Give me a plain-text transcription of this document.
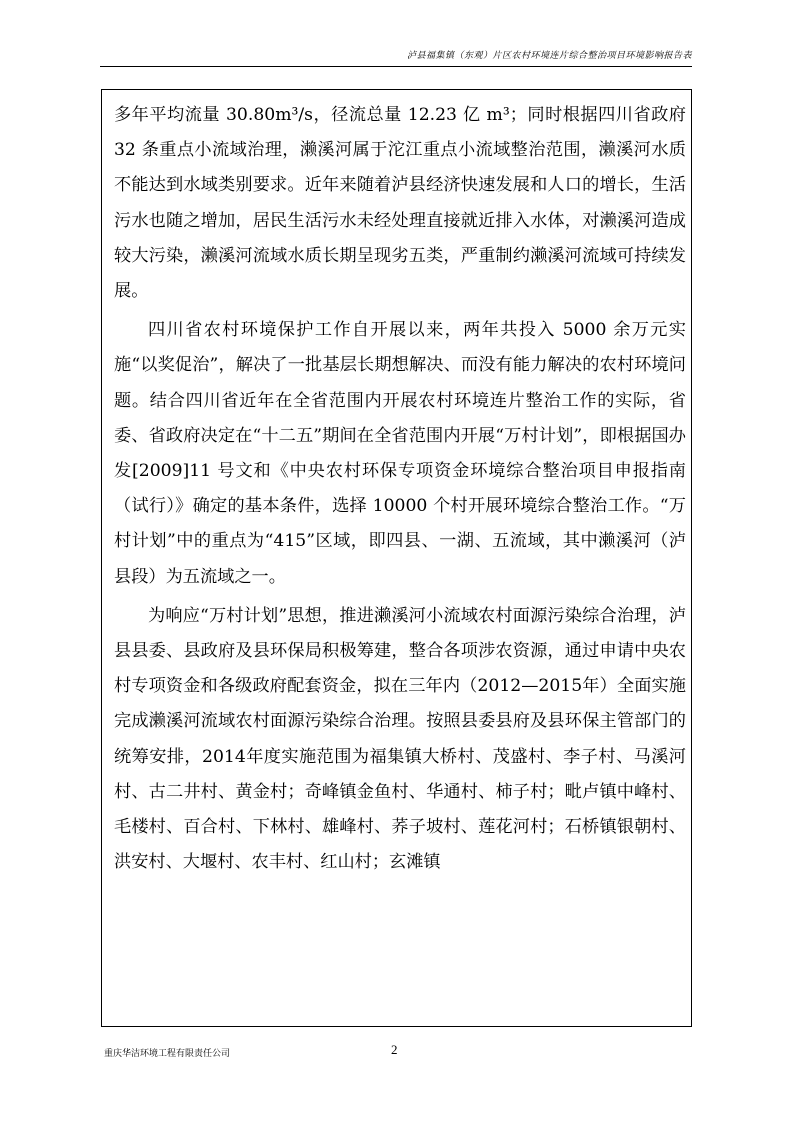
泸县福集镇（东观）片区农村环境连片综合整治项目环境影响报告表

多年平均流量 30.80m³/s，径流总量 12.23 亿 m³；同时根据四川省政府 32 条重点小流域治理，濑溪河属于沱江重点小流域整治范围，濑溪河水质不能达到水域类别要求。近年来随着泸县经济快速发展和人口的增长，生活污水也随之增加，居民生活污水未经处理直接就近排入水体，对濑溪河造成较大污染，濑溪河流域水质长期呈现劣五类，严重制约濑溪河流域可持续发展。

四川省农村环境保护工作自开展以来，两年共投入 5000 余万元实施“以奖促治”，解决了一批基层长期想解决、而没有能力解决的农村环境问题。结合四川省近年在全省范围内开展农村环境连片整治工作的实际，省委、省政府决定在“十二五”期间在全省范围内开展“万村计划”，即根据国办发[2009]11 号文和《中央农村环保专项资金环境综合整治项目申报指南（试行）》确定的基本条件，选择 10000 个村开展环境综合整治工作。“万村计划”中的重点为“415”区域，即四县、一湖、五流域，其中濑溪河（泸县段）为五流域之一。

为响应“万村计划”思想，推进濑溪河小流域农村面源污染综合治理，泸县县委、县政府及县环保局积极筹建，整合各项涉农资源，通过申请中央农村专项资金和各级政府配套资金，拟在三年内（2012—2015年）全面实施完成濑溪河流域农村面源污染综合治理。按照县委县府及县环保主管部门的统筹安排，2014年度实施范围为福集镇大桥村、茂盛村、李子村、马溪河村、古二井村、黄金村；奇峰镇金鱼村、华通村、柿子村；毗卢镇中峰村、毛楼村、百合村、下林村、雄峰村、荞子坡村、莲花河村；石桥镇银朝村、洪安村、大堰村、农丰村、红山村；玄滩镇

重庆华洁环境工程有限责任公司	2
